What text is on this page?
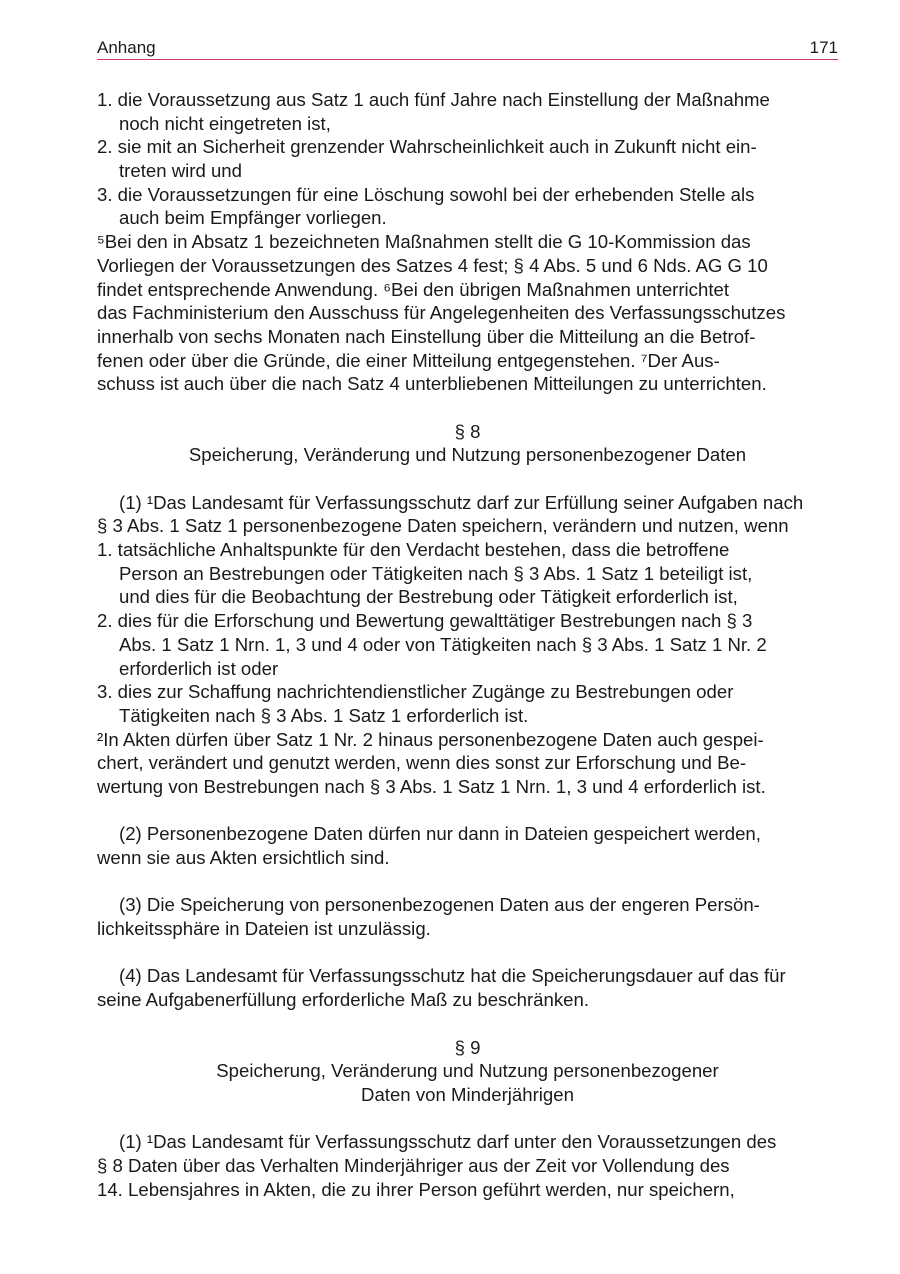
Anhang	171
1. die Voraussetzung aus Satz 1 auch fünf Jahre nach Einstellung der Maßnahme
noch nicht eingetreten ist,
2. sie mit an Sicherheit grenzender Wahrscheinlichkeit auch in Zukunft nicht ein-
treten wird und
3. die Voraussetzungen für eine Löschung sowohl bei der erhebenden Stelle als
auch beim Empfänger vorliegen.
⁵Bei den in Absatz 1 bezeichneten Maßnahmen stellt die G 10-Kommission das
Vorliegen der Voraussetzungen des Satzes 4 fest; § 4 Abs. 5 und 6 Nds. AG G 10
findet entsprechende Anwendung. ⁶Bei den übrigen Maßnahmen unterrichtet
das Fachministerium den Ausschuss für Angelegenheiten des Verfassungsschutzes
innerhalb von sechs Monaten nach Einstellung über die Mitteilung an die Betrof-
fenen oder über die Gründe, die einer Mitteilung entgegenstehen. ⁷Der Aus-
schuss ist auch über die nach Satz 4 unterbliebenen Mitteilungen zu unterrichten.
§ 8
Speicherung, Veränderung und Nutzung personenbezogener Daten
(1) ¹Das Landesamt für Verfassungsschutz darf zur Erfüllung seiner Aufgaben nach
§ 3 Abs. 1 Satz 1 personenbezogene Daten speichern, verändern und nutzen, wenn
1. tatsächliche Anhaltspunkte für den Verdacht bestehen, dass die betroffene
Person an Bestrebungen oder Tätigkeiten nach § 3 Abs. 1 Satz 1 beteiligt ist,
und dies für die Beobachtung der Bestrebung oder Tätigkeit erforderlich ist,
2. dies für die Erforschung und Bewertung gewalttätiger Bestrebungen nach § 3
Abs. 1 Satz 1 Nrn. 1, 3 und 4 oder von Tätigkeiten nach § 3 Abs. 1 Satz 1 Nr. 2
erforderlich ist oder
3. dies zur Schaffung nachrichtendienstlicher Zugänge zu Bestrebungen oder
Tätigkeiten nach § 3 Abs. 1 Satz 1 erforderlich ist.
²In Akten dürfen über Satz 1 Nr. 2 hinaus personenbezogene Daten auch gespei-
chert, verändert und genutzt werden, wenn dies sonst zur Erforschung und Be-
wertung von Bestrebungen nach § 3 Abs. 1 Satz 1 Nrn. 1, 3 und 4 erforderlich ist.
(2) Personenbezogene Daten dürfen nur dann in Dateien gespeichert werden,
wenn sie aus Akten ersichtlich sind.
(3) Die Speicherung von personenbezogenen Daten aus der engeren Persön-
lichkeitssphäre in Dateien ist unzulässig.
(4) Das Landesamt für Verfassungsschutz hat die Speicherungsdauer auf das für
seine Aufgabenerfüllung erforderliche Maß zu beschränken.
§ 9
Speicherung, Veränderung und Nutzung personenbezogener
Daten von Minderjährigen
(1) ¹Das Landesamt für Verfassungsschutz darf unter den Voraussetzungen des
§ 8 Daten über das Verhalten Minderjähriger aus der Zeit vor Vollendung des
14. Lebensjahres in Akten, die zu ihrer Person geführt werden, nur speichern,
